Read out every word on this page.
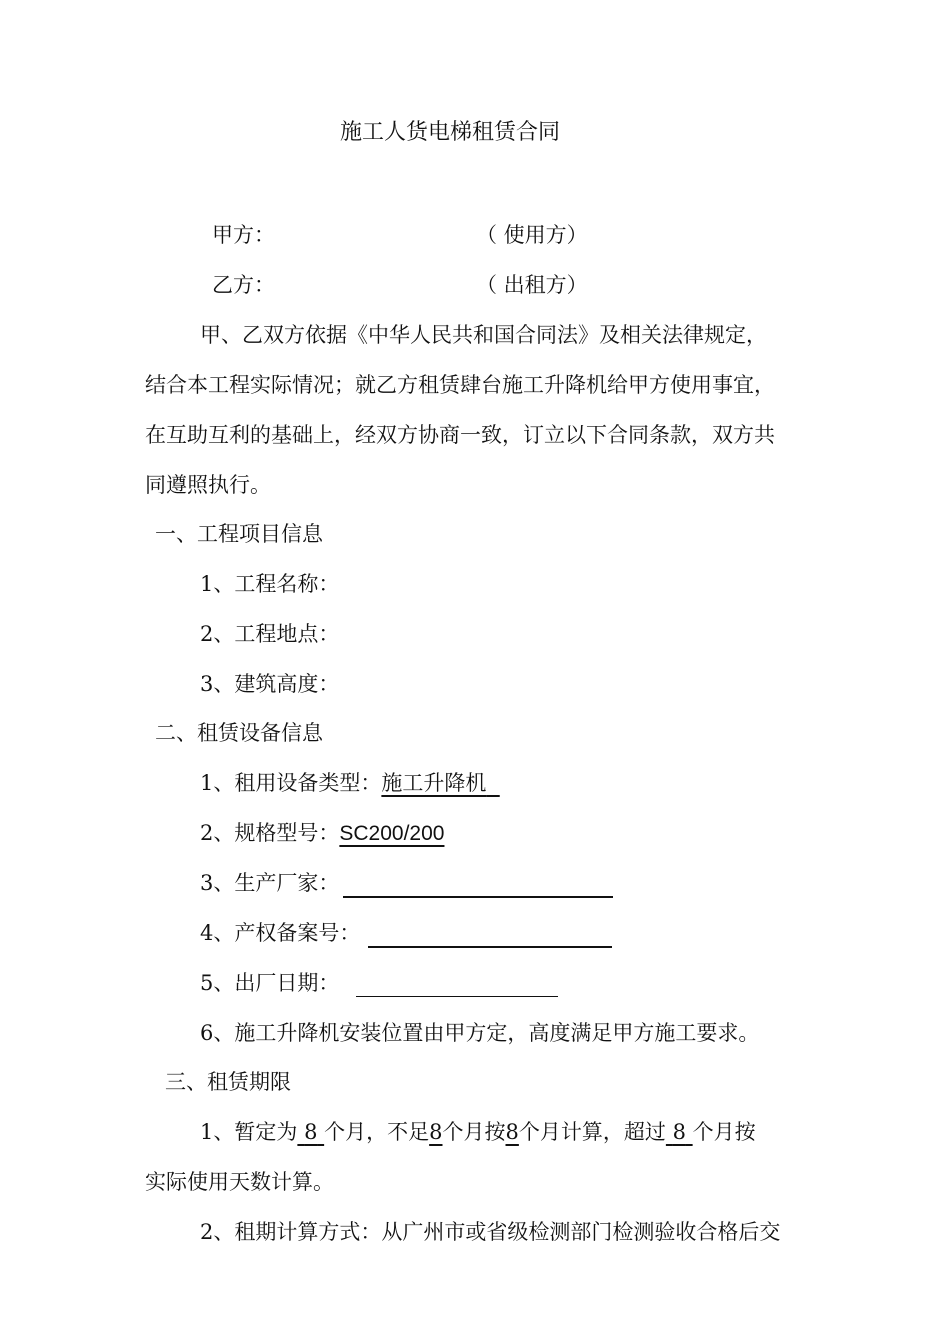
施工人货电梯租赁合同
甲方：	（ 使用方）
乙方：	（ 出租方）
甲、乙双方依据《中华人民共和国合同法》及相关法律规定，
结合本工程实际情况；就乙方租赁肆台施工升降机给甲方使用事宜，
在互助互利的基础上，经双方协商一致，订立以下合同条款，双方共
同遵照执行。
一、工程项目信息
1、工程名称：
2、工程地点：
3、建筑高度：
二、租赁设备信息
1、租用设备类型：施工升降机
2、规格型号：SC200/200
3、生产厂家：
4、产权备案号：
5、出厂日期：
6、施工升降机安装位置由甲方定，高度满足甲方施工要求。
三、租赁期限
1、暂定为 8 个月，不足8个月按8个月计算，超过 8 个月按
实际使用天数计算。
2、租期计算方式：从广州市或省级检测部门检测验收合格后交
